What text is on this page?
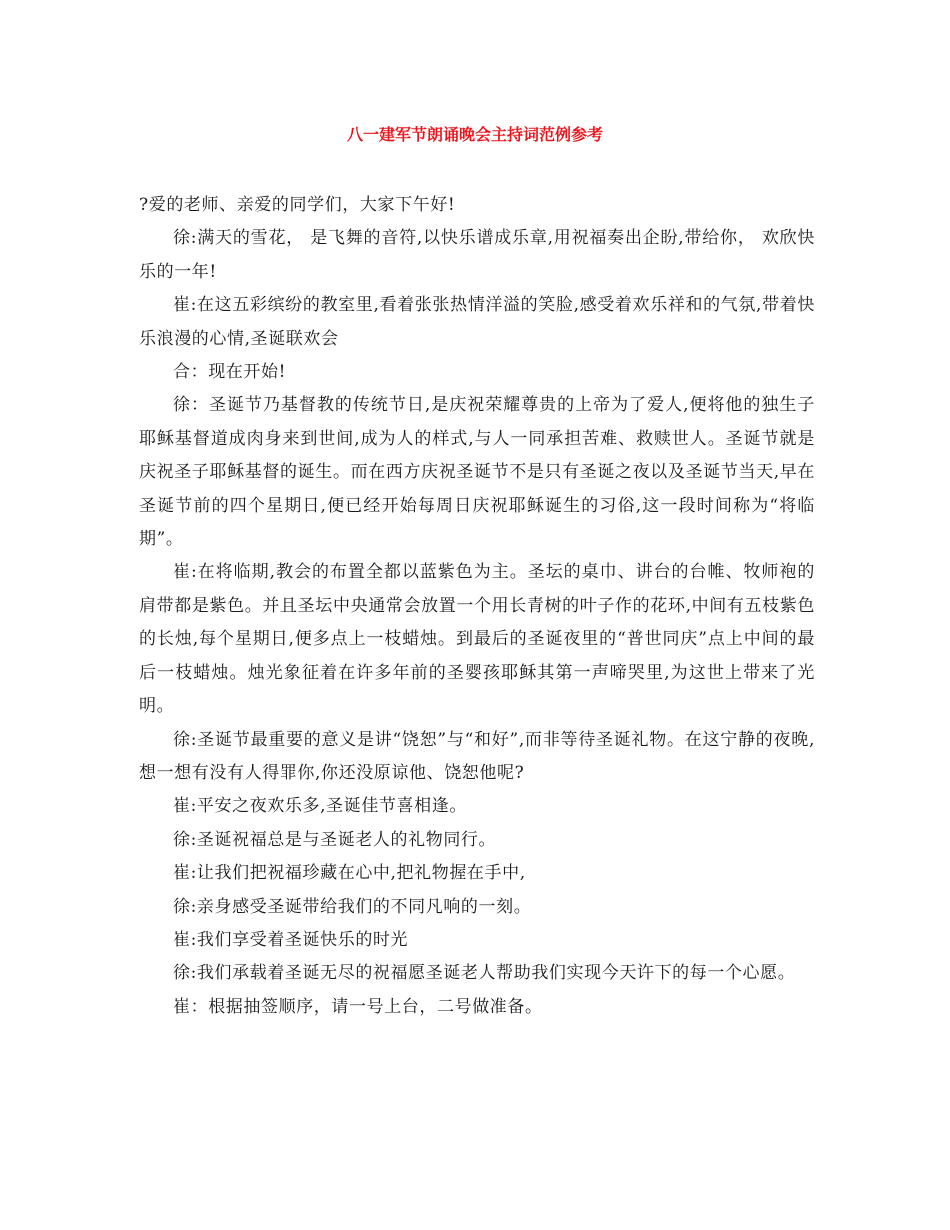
八一建军节朗诵晚会主持词范例参考

?爱的老师、亲爱的同学们，大家下午好!

徐:满天的雪花， 是飞舞的音符,以快乐谱成乐章,用祝福奏出企盼,带给你， 欢欣快乐的一年!

崔:在这五彩缤纷的教室里,看着张张热情洋溢的笑脸,感受着欢乐祥和的气氛,带着快乐浪漫的心情,圣诞联欢会

合：现在开始!

徐：圣诞节乃基督教的传统节日,是庆祝荣耀尊贵的上帝为了爱人,便将他的独生子耶稣基督道成肉身来到世间,成为人的样式,与人一同承担苦难、救赎世人。圣诞节就是庆祝圣子耶稣基督的诞生。而在西方庆祝圣诞节不是只有圣诞之夜以及圣诞节当天,早在圣诞节前的四个星期日,便已经开始每周日庆祝耶稣诞生的习俗,这一段时间称为“将临期”。

崔:在将临期,教会的布置全都以蓝紫色为主。圣坛的桌巾、讲台的台帷、牧师袍的肩带都是紫色。并且圣坛中央通常会放置一个用长青树的叶子作的花环,中间有五枝紫色的长烛,每个星期日,便多点上一枝蜡烛。到最后的圣诞夜里的“普世同庆”点上中间的最后一枝蜡烛。烛光象征着在许多年前的圣婴孩耶稣其第一声啼哭里,为这世上带来了光明。

徐:圣诞节最重要的意义是讲“饶恕”与“和好”,而非等待圣诞礼物。在这宁静的夜晚,想一想有没有人得罪你,你还没原谅他、饶恕他呢?

崔:平安之夜欢乐多,圣诞佳节喜相逢。

徐:圣诞祝福总是与圣诞老人的礼物同行。

崔:让我们把祝福珍藏在心中,把礼物握在手中,

徐:亲身感受圣诞带给我们的不同凡响的一刻。

崔:我们享受着圣诞快乐的时光

徐:我们承载着圣诞无尽的祝福愿圣诞老人帮助我们实现今天许下的每一个心愿。

崔：根据抽签顺序，请一号上台，二号做准备。
